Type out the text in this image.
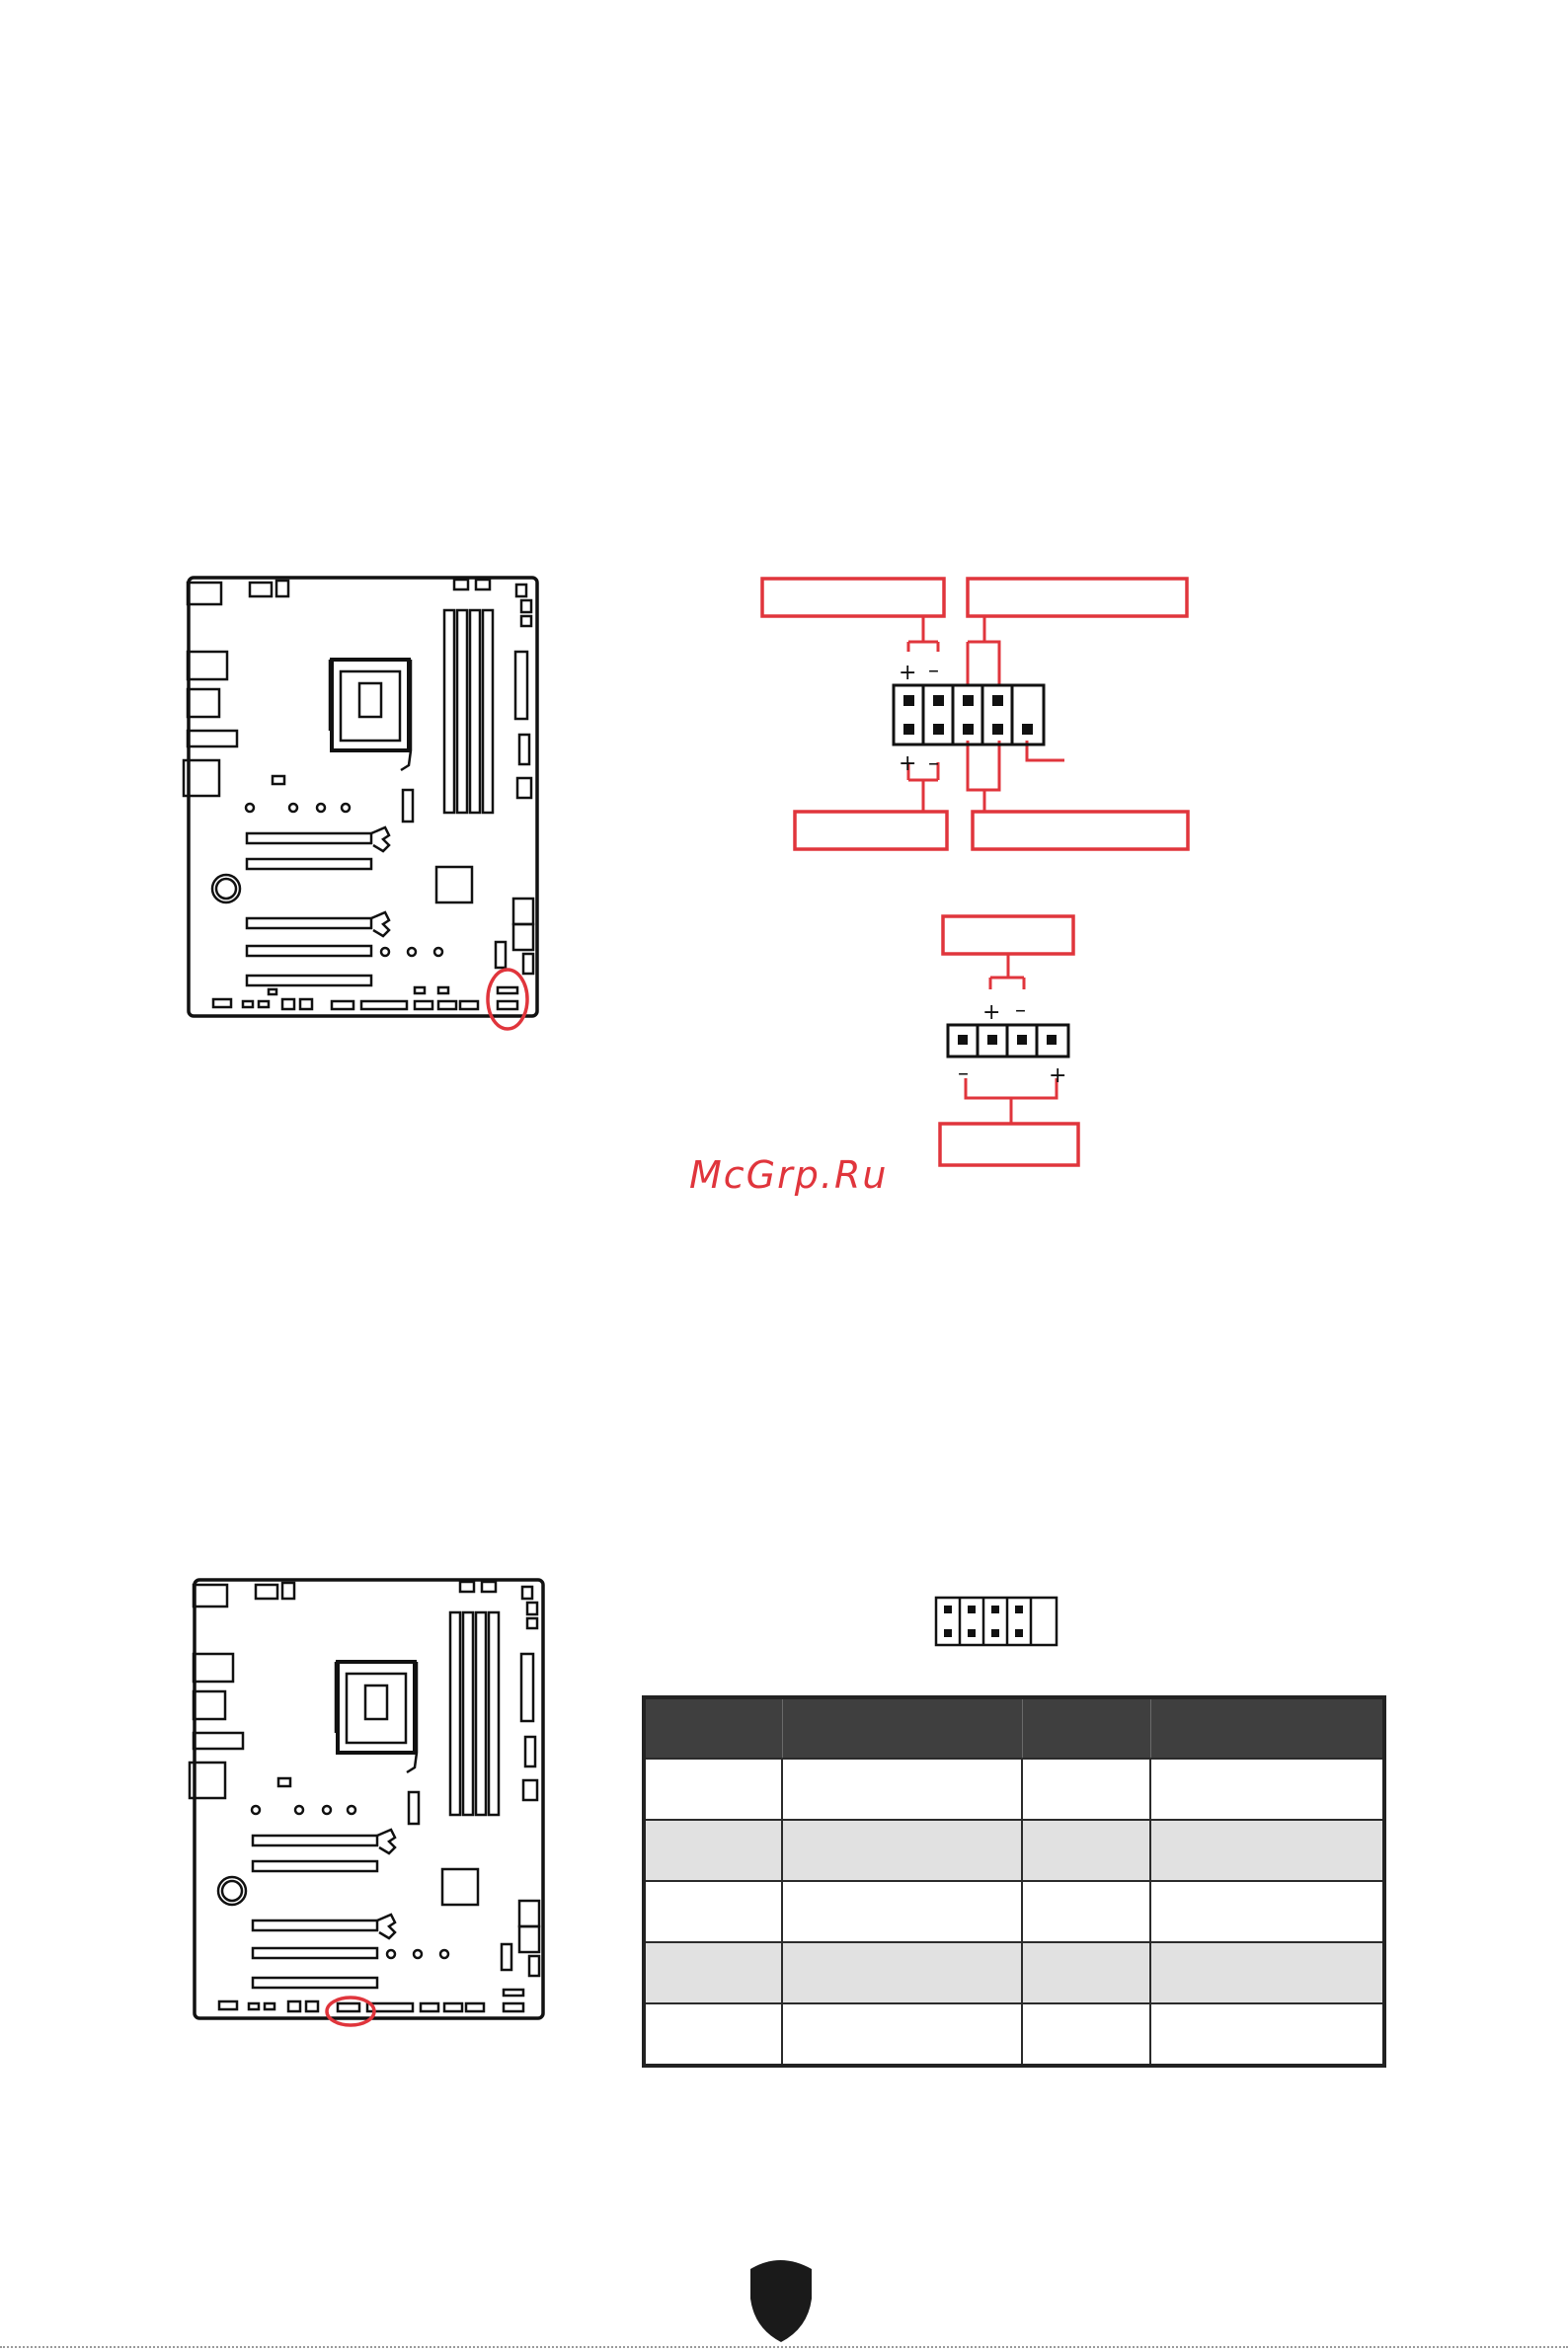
+ –
+ –
+ –
–	+
McGrp.Ru
